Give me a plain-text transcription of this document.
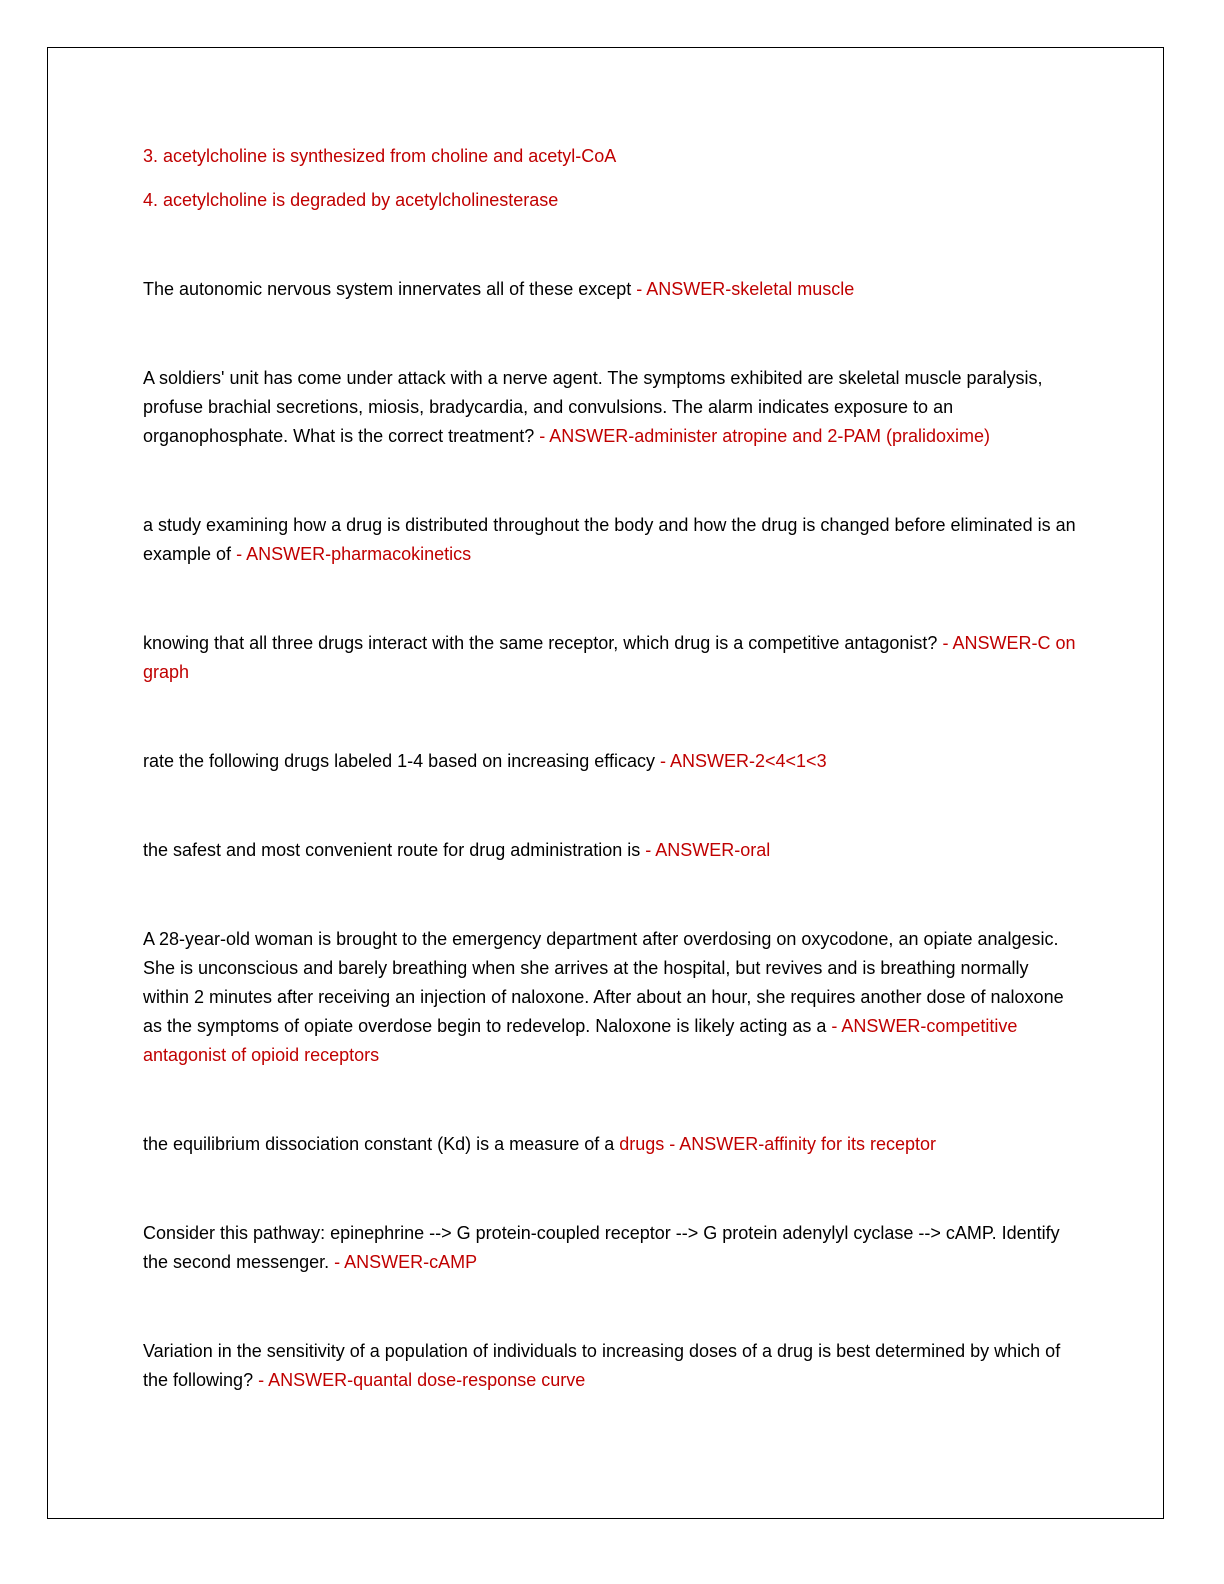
3. acetylcholine is synthesized from choline and acetyl-CoA

4. acetylcholine is degraded by acetylcholinesterase

The autonomic nervous system innervates all of these except - ANSWER-skeletal muscle

A soldiers' unit has come under attack with a nerve agent. The symptoms exhibited are skeletal muscle paralysis, profuse brachial secretions, miosis, bradycardia, and convulsions. The alarm indicates exposure to an organophosphate. What is the correct treatment? - ANSWER-administer atropine and 2-PAM (pralidoxime)

a study examining how a drug is distributed throughout the body and how the drug is changed before eliminated is an example of - ANSWER-pharmacokinetics

knowing that all three drugs interact with the same receptor, which drug is a competitive antagonist? - ANSWER-C on graph

rate the following drugs labeled 1-4 based on increasing efficacy - ANSWER-2<4<1<3

the safest and most convenient route for drug administration is - ANSWER-oral

A 28-year-old woman is brought to the emergency department after overdosing on oxycodone, an opiate analgesic. She is unconscious and barely breathing when she arrives at the hospital, but revives and is breathing normally within 2 minutes after receiving an injection of naloxone. After about an hour, she requires another dose of naloxone as the symptoms of opiate overdose begin to redevelop. Naloxone is likely acting as a - ANSWER-competitive antagonist of opioid receptors

the equilibrium dissociation constant (Kd) is a measure of a drugs - ANSWER-affinity for its receptor

Consider this pathway: epinephrine --> G protein-coupled receptor --> G protein adenylyl cyclase --> cAMP. Identify the second messenger. - ANSWER-cAMP

Variation in the sensitivity of a population of individuals to increasing doses of a drug is best determined by which of the following? - ANSWER-quantal dose-response curve
